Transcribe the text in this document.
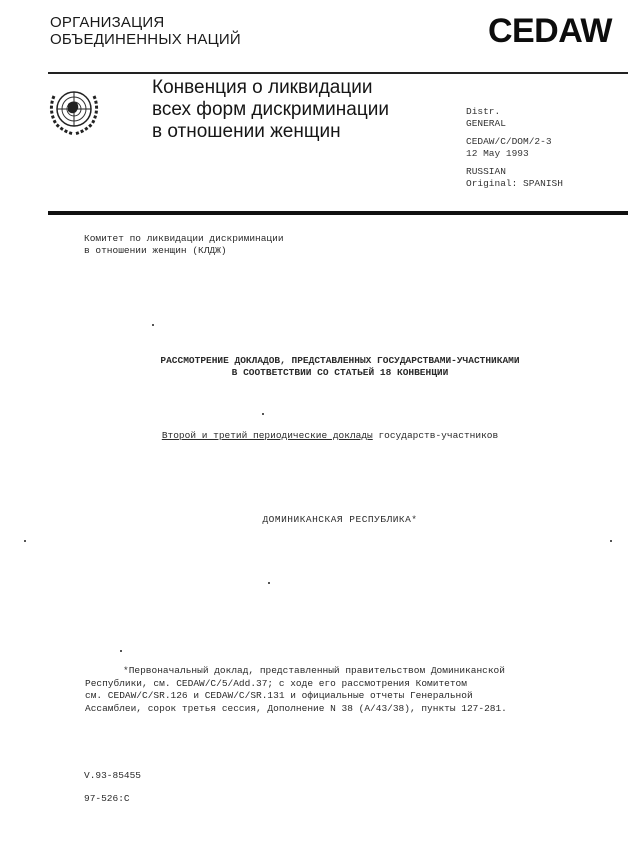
ОРГАНИЗАЦИЯ
ОБЪЕДИНЕННЫХ НАЦИЙ	CEDAW
Конвенция о ликвидации
всех форм дискриминации
в отношении женщин
Distr.
GENERAL
CEDAW/C/DOM/2-3
12 May 1993
RUSSIAN
Original: SPANISH
Комитет по ликвидации дискриминации
в отношении женщин (КЛДЖ)
РАССМОТРЕНИЕ ДОКЛАДОВ, ПРЕДСТАВЛЕННЫХ ГОСУДАРСТВАМИ-УЧАСТНИКАМИ
В СООТВЕТСТВИИ СО СТАТЬЕЙ 18 КОНВЕНЦИИ
Второй и третий периодические доклады государств-участников
ДОМИНИКАНСКАЯ РЕСПУБЛИКА*
*Первоначальный доклад, представленный правительством Доминиканской
Республики, см. CEDAW/C/5/Add.37; с ходе его рассмотрения Комитетом
см. CEDAW/C/SR.126 и CEDAW/C/SR.131 и официальные отчеты Генеральной
Ассамблеи, сорок третья сессия, Дополнение N 38 (A/43/38), пункты 127-281.
V.93-85455
97-526:C
